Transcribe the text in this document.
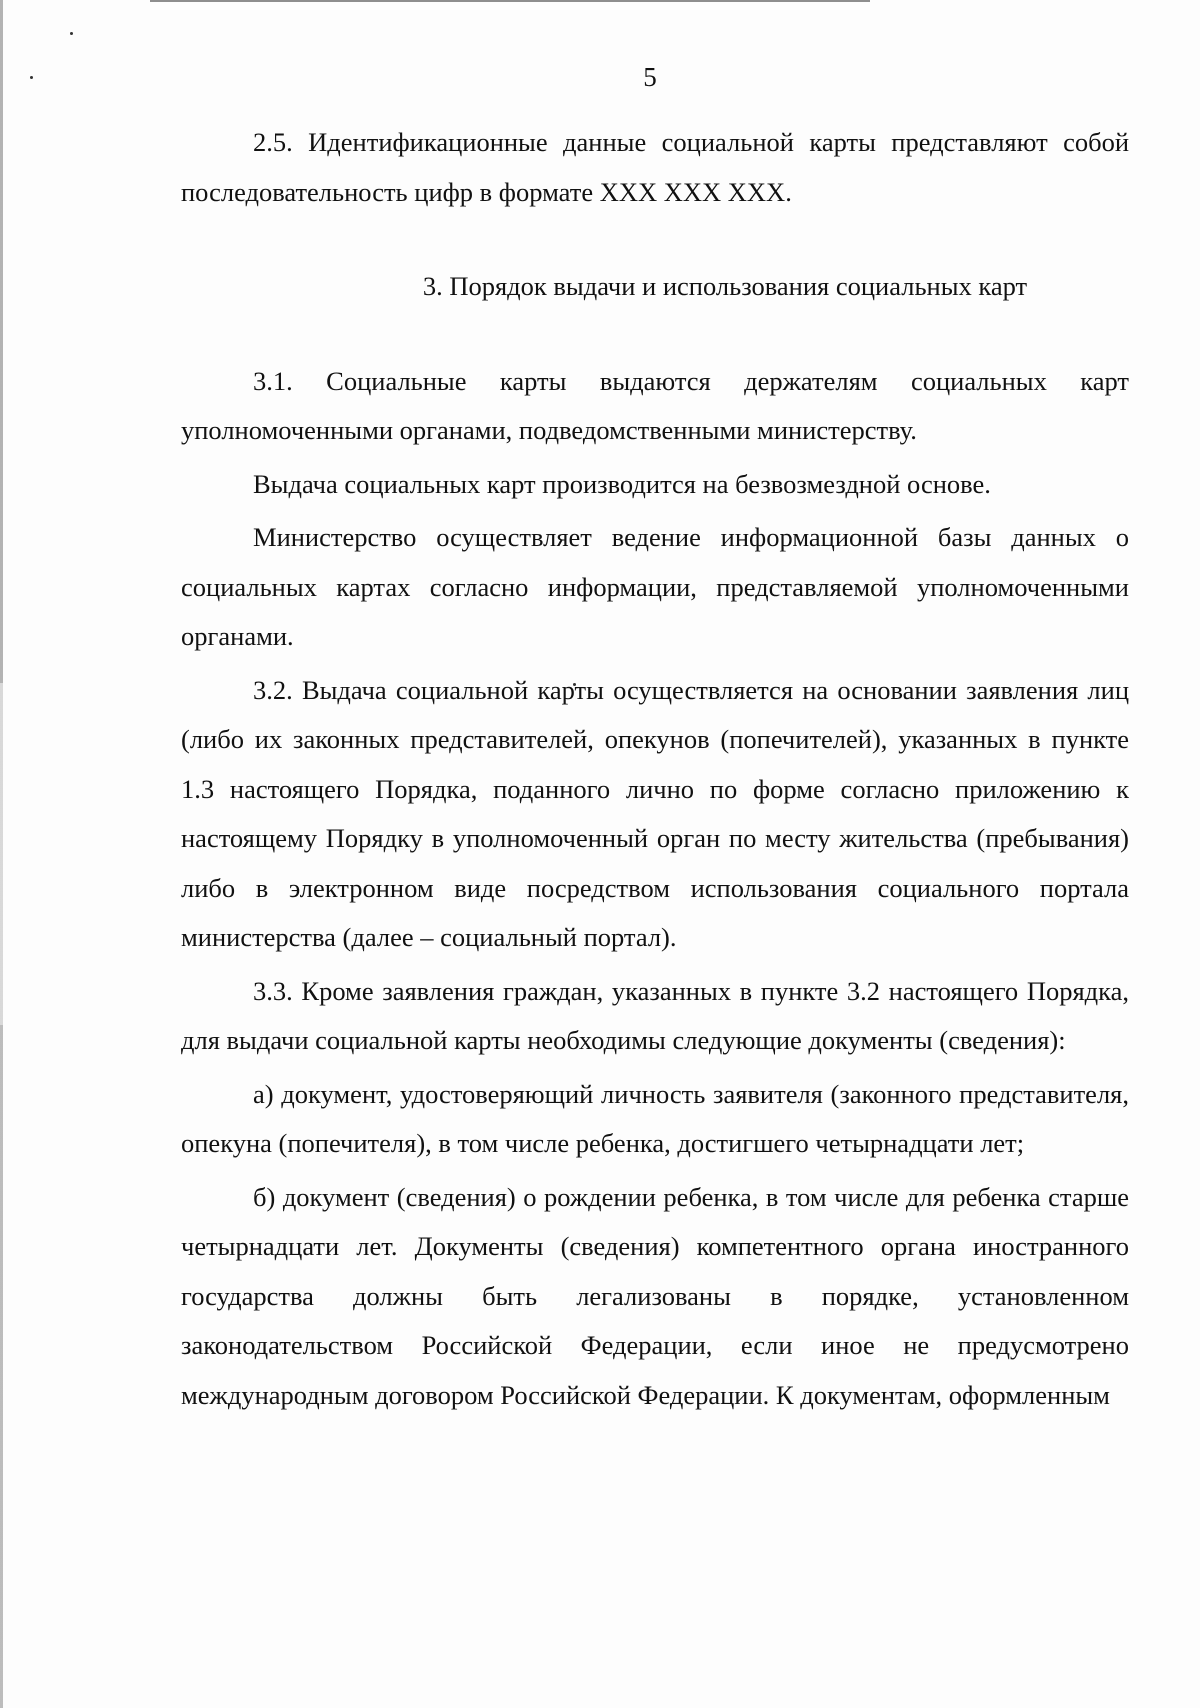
5

2.5. Идентификационные данные социальной карты представляют собой последовательность цифр в формате ХХХ ХХХ ХХХ.

3. Порядок выдачи и использования социальных карт

3.1. Социальные карты выдаются держателям социальных карт уполномоченными органами, подведомственными министерству.

Выдача социальных карт производится на безвозмездной основе.

Министерство осуществляет ведение информационной базы данных о социальных картах согласно информации, представляемой уполномоченными органами.

3.2. Выдача социальной карты осуществляется на основании заявления лиц (либо их законных представителей, опекунов (попечителей), указанных в пункте 1.3 настоящего Порядка, поданного лично по форме согласно приложению к настоящему Порядку в уполномоченный орган по месту жительства (пребывания) либо в электронном виде посредством использования социального портала министерства (далее – социальный портал).

3.3. Кроме заявления граждан, указанных в пункте 3.2 настоящего Порядка, для выдачи социальной карты необходимы следующие документы (сведения):

а) документ, удостоверяющий личность заявителя (законного представителя, опекуна (попечителя), в том числе ребенка, достигшего четырнадцати лет;

б) документ (сведения) о рождении ребенка, в том числе для ребенка старше четырнадцати лет. Документы (сведения) компетентного органа иностранного государства должны быть легализованы в порядке, установленном законодательством Российской Федерации, если иное не предусмотрено международным договором Российской Федерации. К документам, оформленным
